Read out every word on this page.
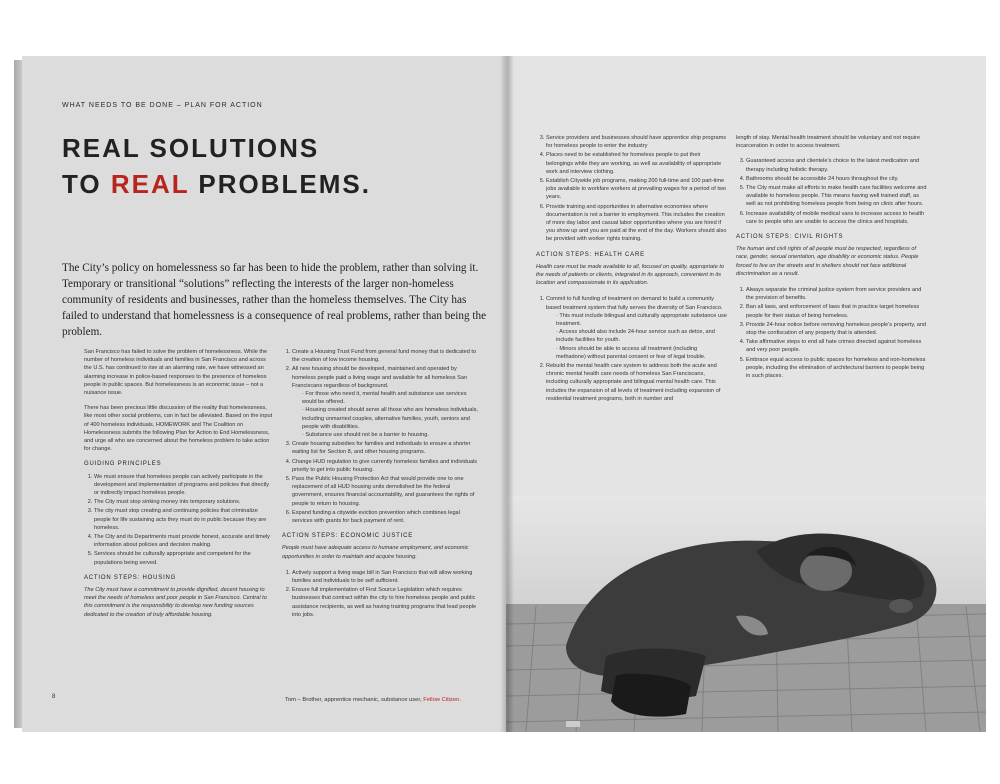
WHAT NEEDS TO BE DONE – PLAN FOR ACTION
REAL SOLUTIONS
TO REAL PROBLEMS.
The City’s policy on homelessness so far has been to hide the problem, rather than solving it. Temporary or transitional “solutions” reflecting the interests of the larger non-homeless community of residents and businesses, rather than the homeless themselves. The City has failed to understand that homelessness is a consequence of real problems, rather than being the problem.

San Francisco has failed to solve the problem of homelessness. While the number of homeless individuals and families in San Francisco and across the U.S. has continued to rise at an alarming rate, we have witnessed an alarming increase in police-based responses to the presence of homeless people in public spaces. But homelessness is an economic issue – not a nuisance issue.

There has been precious little discussion of the reality that homelessness, like most other social problems, can in fact be alleviated. Based on the input of 400 homeless individuals, HOMEWORK and The Coalition on Homelessness submits the following Plan for Action to End Homelessness, and urge all who are concerned about the homeless problem to take action for change.

GUIDING PRINCIPLES
1. We must ensure that homeless people can actively participate in the development and implementation of programs and policies that directly or indirectly impact homeless people.
2. The City must stop sinking money into temporary solutions.
3. The city must stop creating and continuing policies that criminalize people for life sustaining acts they must do in public because they are homeless.
4. The City and its Departments must provide honest, accurate and timely information about policies and decision making.
5. Services should be culturally appropriate and competent for the populations being served.
ACTION STEPS: HOUSING
The City must have a commitment to provide dignified, decent housing to meet the needs of homeless and poor people in San Francisco. Central to this commitment is the responsibility to develop new funding sources dedicated to the creation of truly affordable housing.
1. Create a Housing Trust Fund from general fund money that is dedicated to the creation of low income housing.
2. All new housing should be developed, maintained and operated by homeless people paid a living wage and available for all homeless San Franciscans regardless of background.
· For those who need it, mental health and substance use services would be offered.
· Housing created should serve all those who are homeless individuals, including unmarried couples, alternative families, youth, seniors and people with disabilities.
· Substance use should not be a barrier to housing.
3. Create housing subsidies for families and individuals to ensure a shorter waiting list for Section 8, and other housing programs.
4. Change HUD regulation to give currently homeless families and individuals priority to get into public housing.
5. Pass the Public Housing Protection Act that would provide one to one replacement of all HUD housing units demolished be the federal government, ensures financial accountability, and guarantees the rights of people to return to housing.
6. Expand funding a citywide eviction prevention which combines legal services with grants for back payment of rent.
ACTION STEPS: ECONOMIC JUSTICE
People must have adequate access to humane employment, and economic opportunities in order to maintain and acquire housing.
1. Actively support a living wage bill in San Francisco that will allow working families and individuals to be self sufficient.
2. Ensure full implementation of First Source Legislation which requires businesses that contract within the city to hire homeless people and public assistance recipients, as well as having training programs that lead people into jobs.
3. Service providers and businesses should have apprentice ship programs for homeless people to enter the industry
4. Places need to be established for homeless people to put their belongings while they are working, as well as availability of appropriate work and interview clothing.
5. Establish Citywide job programs, making 200 full-time and 100 part-time jobs available to workfare workers at prevailing wages for a period of two years.
6. Provide training and opportunities in alternative economies where documentation is not a barrier to employment. This includes the creation of more day labor and casual labor opportunities where you are hired if you show up and you are paid at the end of the day. Workers should also be provided with worker rights training.
ACTION STEPS: HEALTH CARE
Health care must be made available to all, focused on quality, appropriate to the needs of patients or clients, integrated in its approach, convenient in its location and compassionate in its application.
1. Commit to full funding of treatment on demand to build a community based treatment system that fully serves the diversity of San Francisco.
· This must include bilingual and culturally appropriate substance use treatment.
· Access should also include 24-hour service such as detox, and include facilities for youth.
· Minors should be able to access all treatment (including methadone) without parental consent or fear of legal trouble.
2. Rebuild the mental health care system to address both the acute and chronic mental health care needs of homeless San Franciscans, including culturally appropriate and bilingual mental health care. This includes the expansion of all levels of treatment including expansion of residential treatment programs, both in number and

length of stay. Mental health treatment should be voluntary and not require incarceration in order to access treatment.

3. Guaranteed access and clientele’s choice to the latest medication and therapy including holistic therapy.
4. Bathrooms should be accessible 24 hours throughout the city.
5. The City must make all efforts to make health care facilities welcome and available to homeless people. This means having well trained staff, as well as not prohibiting homeless people from being on clinic after hours.
6. Increase availability of mobile medical vans to increase access to health care to people who are unable to access the clinics and hospitals.
ACTION STEPS: CIVIL RIGHTS
The human and civil rights of all people must be respected, regardless of race, gender, sexual orientation, age disability or economic status. People forced to live on the streets and in shelters should not face additional discrimination as a result.
1. Always separate the criminal justice system from service providers and the provision of benefits.
2. Ban all laws, and enforcement of laws that in practice target homeless people for their status of being homeless.
3. Provide 24-hour notice before removing homeless people’s property, and stop the confiscation of any property that is attended.
4. Take affirmative steps to end all hate crimes directed against homeless and very poor people.
5. Embrace equal access to public spaces for homeless and non-homeless people, including the elimination of architectural barriers to people being in such places.
8	Tom – Brother, apprentice mechanic, substance user, Fellow Citizen.
